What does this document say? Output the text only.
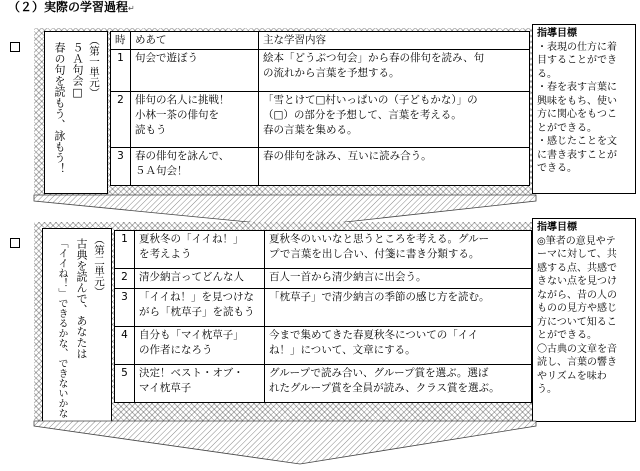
（２）実際の学習過程↵
（第一単元）
５Ａ句会□
春の句を読もう、詠もう！
時	めあて	主な学習内容
1	句会で遊ぼう	絵本「どうぶつ句会」から春の俳句を読み、句
の流れから言葉を予想する。

2	俳句の名人に挑戦！
小林一茶の俳句を
読もう	「雪とけて□村いっぱいの（子どもかな）」の
（□）の部分を予想して、言葉を考える。
春の言葉を集める。

3	春の俳句を詠んで、
５Ａ句会！	春の俳句を詠み、互いに読み合う。
指導目標
・表現の仕方に着
目することができ
る。
・春を表す言葉に
興味をもち、使い
方に関心をもつこ
とができる。
・感じたことを文
に書き表すことが
できる。
（第二単元）
古典を読んで、あなたは
「イイね！」できるかな、できないかな	1	夏秋冬の「イイね！」
を考えよう	夏秋冬のいいなと思うところを考える。グルー
プで言葉を出し合い、付箋に書き分類する。

2	清少納言ってどんな人	百人一首から清少納言に出会う。

3	「イイね！」を見つけな
がら「枕草子」を読もう	「枕草子」で清少納言の季節の感じ方を読む。

4	自分も「マイ枕草子」
の作者になろう	今まで集めてきた春夏秋冬についての「イイ
ね！」について、文章にする。

5	決定！ベスト・オブ・
マイ枕草子	グループで読み合い、グループ賞を選ぶ。選ば
れたグループ賞を全員が読み、クラス賞を選ぶ。
指導目標
◎筆者の意見やテ
ーマに対して、共
感する点、共感で
きない点を見つけ
ながら、昔の人の
ものの見方や感じ
方について知るこ
とができる。
〇古典の文章を音
読し、言葉の響き
やリズムを味わ
う。
